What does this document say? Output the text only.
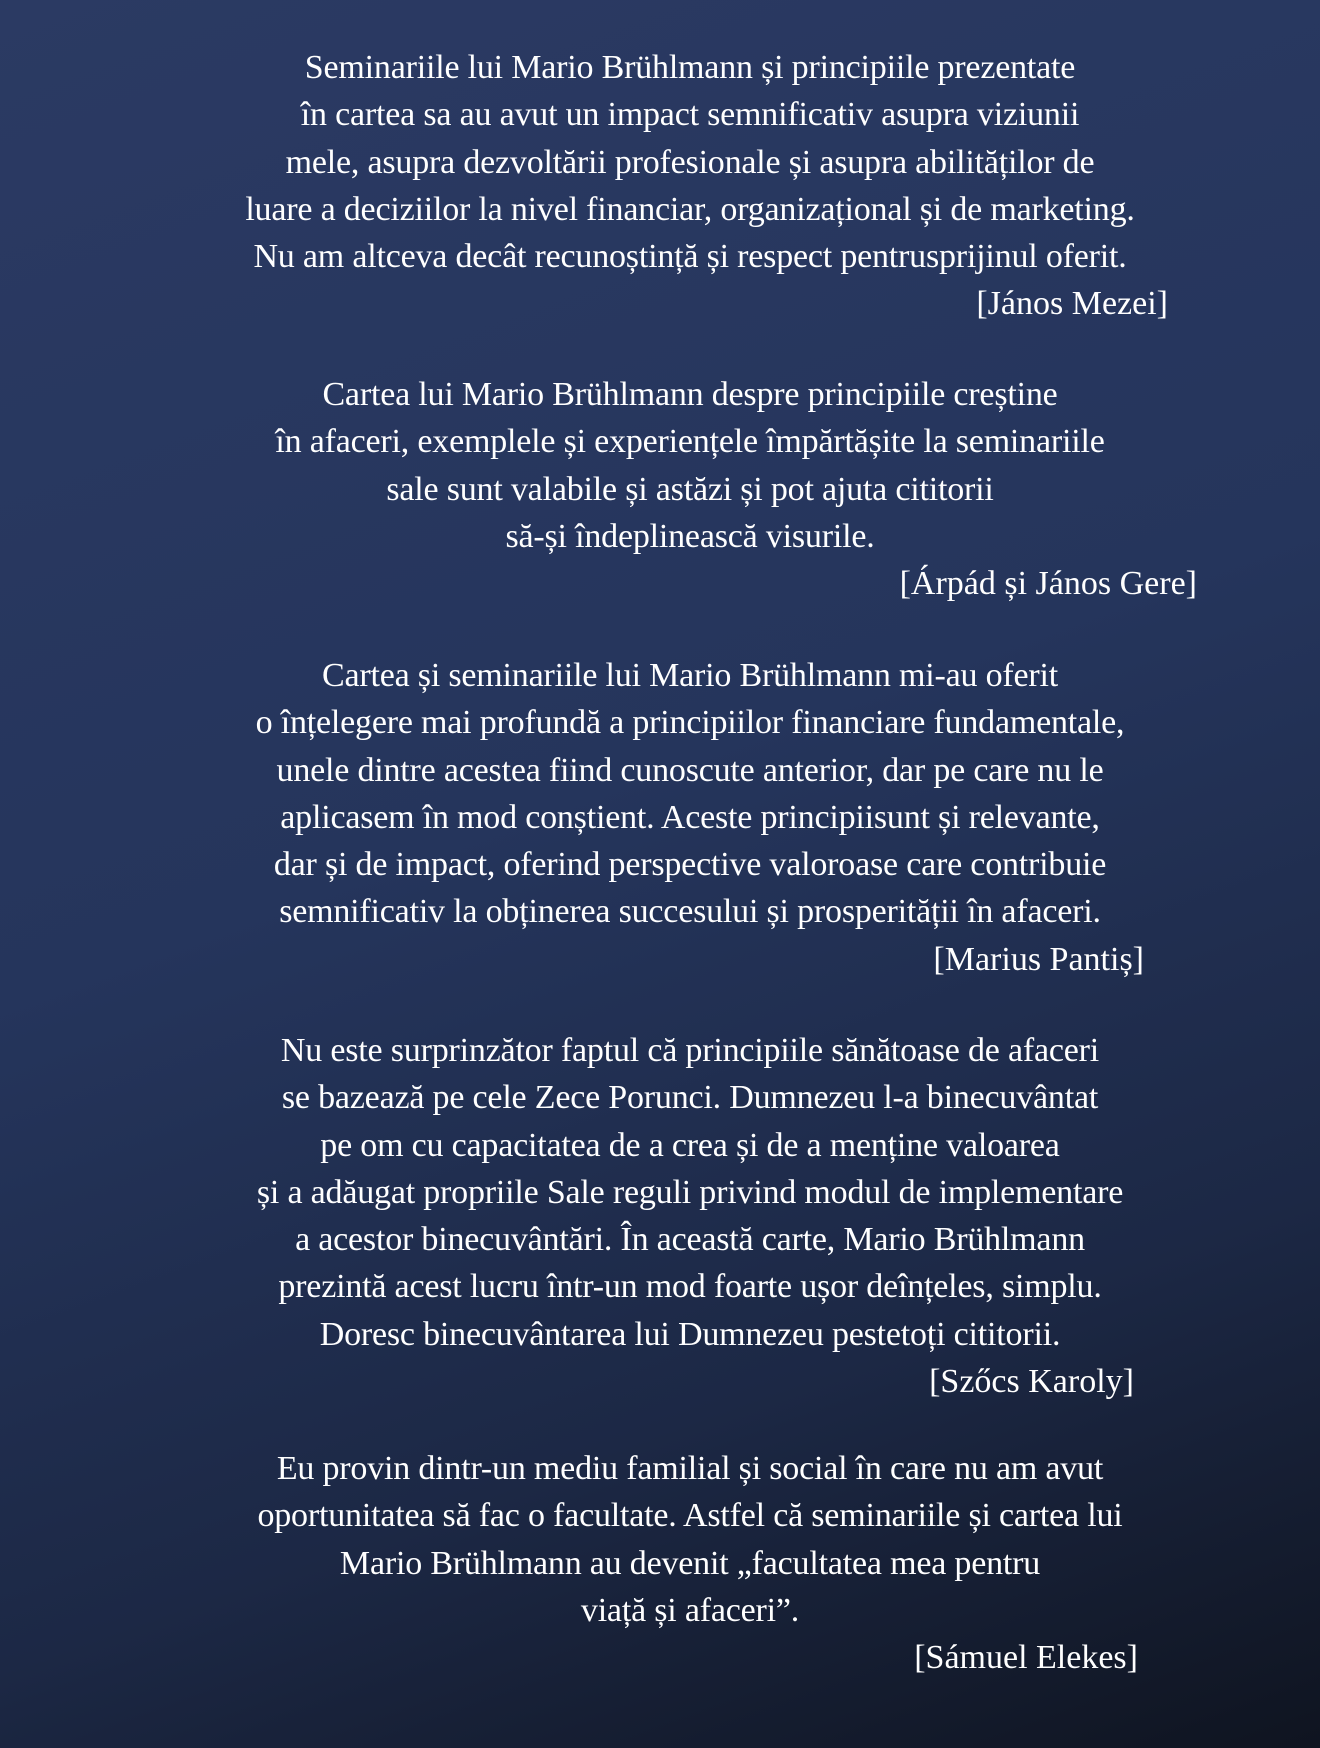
Seminariile lui Mario Brühlmann și principiile prezentate
în cartea sa au avut un impact semnificativ asupra viziunii
mele, asupra dezvoltării profesionale și asupra abilităților de
luare a deciziilor la nivel financiar, organizațional și de marketing.
Nu am altceva decât recunoștință și respect pentrusprijinul oferit.
[János Mezei]
Cartea lui Mario Brühlmann despre principiile creștine
în afaceri, exemplele și experiențele împărtășite la seminariile
sale sunt valabile și astăzi și pot ajuta cititorii
să-și îndeplinească visurile.
[Árpád și János Gere]
Cartea și seminariile lui Mario Brühlmann mi-au oferit
o înțelegere mai profundă a principiilor financiare fundamentale,
unele dintre acestea fiind cunoscute anterior, dar pe care nu le
aplicasem în mod conștient. Aceste principiisunt și relevante,
dar și de impact, oferind perspective valoroase care contribuie
semnificativ la obținerea succesului și prosperității în afaceri.
[Marius Pantiș]
Nu este surprinzător faptul că principiile sănătoase de afaceri
se bazează pe cele Zece Porunci. Dumnezeu l-a binecuvântat
pe om cu capacitatea de a crea și de a menține valoarea
și a adăugat propriile Sale reguli privind modul de implementare
a acestor binecuvântări. În această carte, Mario Brühlmann
prezintă acest lucru într-un mod foarte ușor deînțeles, simplu.
Doresc binecuvântarea lui Dumnezeu pestetoți cititorii.
[Szőcs Karoly]
Eu provin dintr-un mediu familial și social în care nu am avut
oportunitatea să fac o facultate. Astfel că seminariile și cartea lui
Mario Brühlmann au devenit „facultatea mea pentru
viață și afaceri”.
[Sámuel Elekes]
